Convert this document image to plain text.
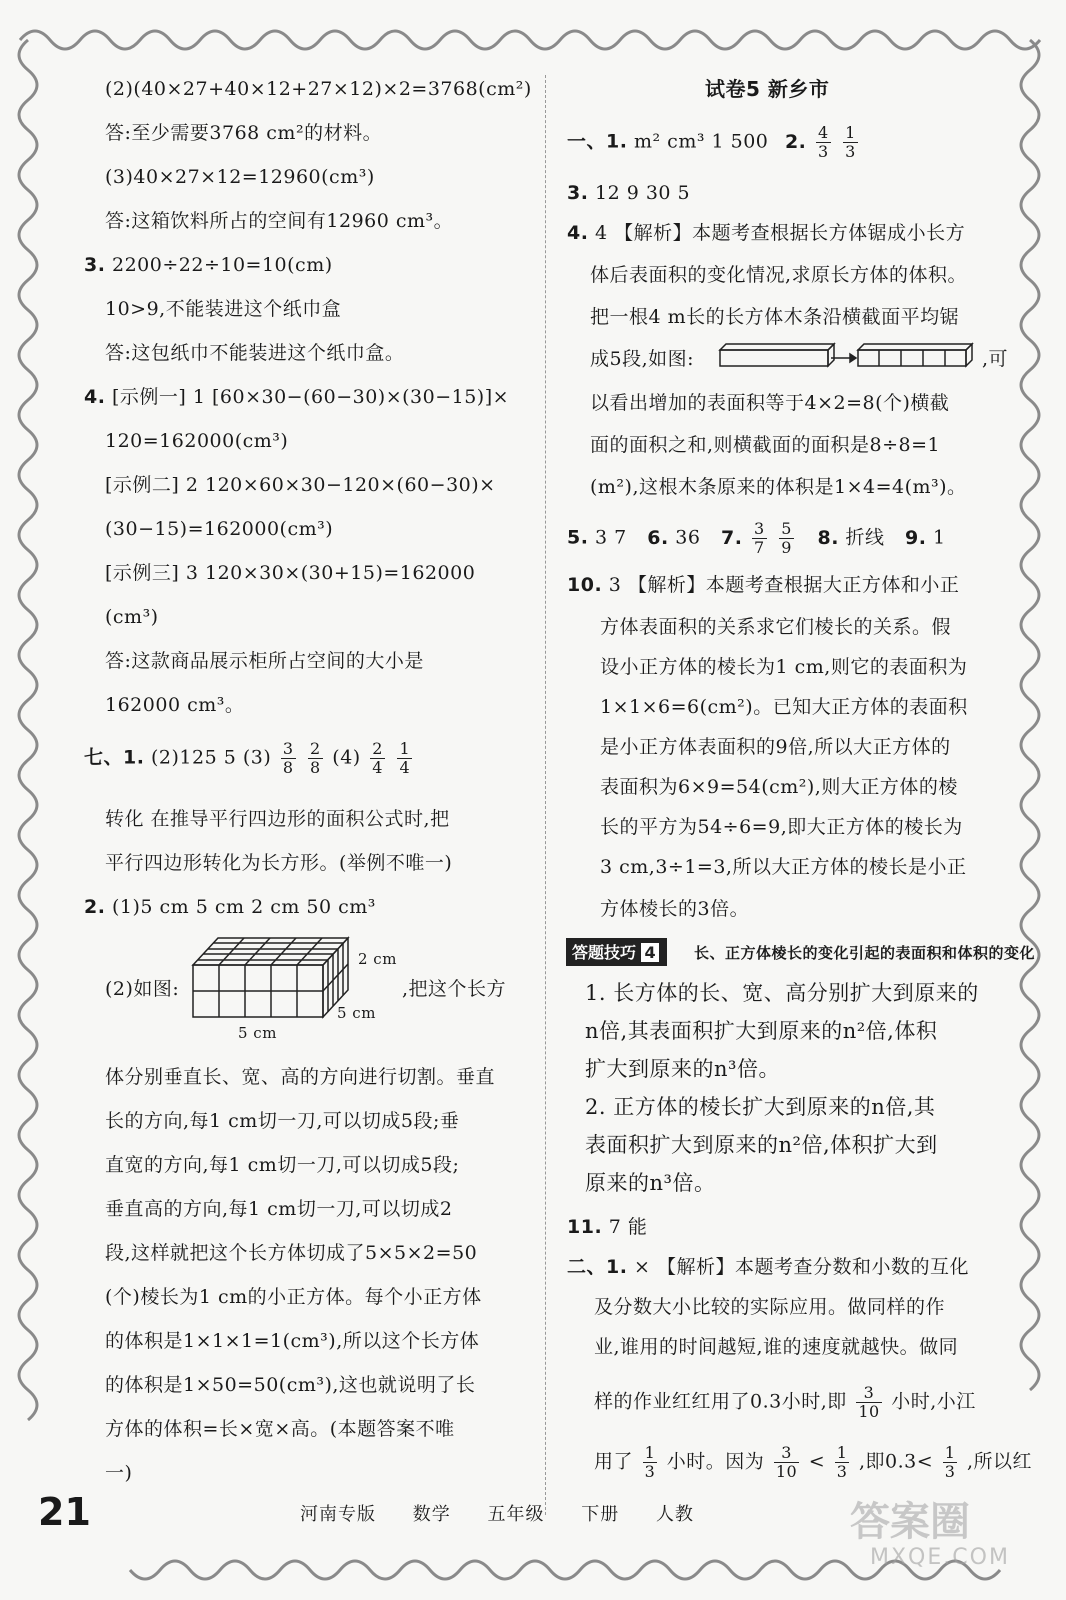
(2)(40×27+40×12+27×12)×2=3768(cm²)
答:至少需要3768 cm²的材料。
(3)40×27×12=12960(cm³)
答:这箱饮料所占的空间有12960 cm³。
3. 2200÷22÷10=10(cm)
10>9,不能装进这个纸巾盒
答:这包纸巾不能装进这个纸巾盒。
4. [示例一] 1 [60×30−(60−30)×(30−15)]×
120=162000(cm³)
[示例二] 2 120×60×30−120×(60−30)×
(30−15)=162000(cm³)
[示例三] 3 120×30×(30+15)=162000
(cm³)
答:这款商品展示柜所占空间的大小是
162000 cm³。
七、1. (2)125 5 $(3) \frac{3}{8}$
$\frac{2}{8} (4) \frac{2}{4}$
$\frac{1}{4}$
转化 在推导平行四边形的面积公式时,把
平行四边形转化为长方形。(举例不唯一)
2. (1)5 cm 5 cm 2 cm 50 cm³
(2)如图:
2 cm
5 cm
5 cm
,把这个长方
体分别垂直长、宽、高的方向进行切割。垂直
长的方向,每1 cm切一刀,可以切成5段;垂
直宽的方向,每1 cm切一刀,可以切成5段;
垂直高的方向,每1 cm切一刀,可以切成2
段,这样就把这个长方体切成了5×5×2=50
(个)棱长为1 cm的小正方体。每个小正方体
的体积是1×1×1=1(cm³),所以这个长方体
的体积是1×50=50(cm³),这也就说明了长
方体的体积=长×宽×高。(本题答案不唯
一)
试卷5 新乡市
一、1. m² cm³ 1 500 2. $\frac{4}{3}$
$\frac{1}{3}$
3. 12 9 30 5
4. 4 【解析】本题考查根据长方体锯成小长方
体后表面积的变化情况,求原长方体的体积。
把一根4 m长的长方体木条沿横截面平均锯
成5段,如图:	,可
以看出增加的表面积等于4×2=8(个)横截
面的面积之和,则横截面的面积是8÷8=1
(m²),这根木条原来的体积是1×4=4(m³)。
5. 3 7 6. 36 7. $\frac{3}{7}$
$\frac{5}{9} 8$. 折线 9. 1
10. 3 【解析】本题考查根据大正方体和小正
方体表面积的关系求它们棱长的关系。假
设小正方体的棱长为1 cm,则它的表面积为
1×1×6=6(cm²)。已知大正方体的表面积
是小正方体表面积的9倍,所以大正方体的
表面积为6×9=54(cm²),则大正方体的棱
长的平方为54÷6=9,即大正方体的棱长为
3 cm,3÷1=3,所以大正方体的棱长是小正
方体棱长的3倍。
答题技巧 4	长、正方体棱长的变化引起的表面积和体积的变化
1. 长方体的长、宽、高分别扩大到原来的
n倍,其表面积扩大到原来的n²倍,体积
扩大到原来的n³倍。
2. 正方体的棱长扩大到原来的n倍,其
表面积扩大到原来的n²倍,体积扩大到
原来的n³倍。
11. 7 能
二、1. × 【解析】本题考查分数和小数的互化
及分数大小比较的实际应用。做同样的作
业,谁用的时间越短,谁的速度就越快。做同
样的作业红红用了0.3小时,即 $\frac{3}{10}$ 小时,小江
用了 $\frac{1}{3}$ 小时。因为 $\frac{3}{10} < \frac{1}{3}$ ,即$0.3< \frac{1}{3}$ ,所以红
21	河南专版 数学 五年级 下册 人教	答案圈
MXQE.COM
